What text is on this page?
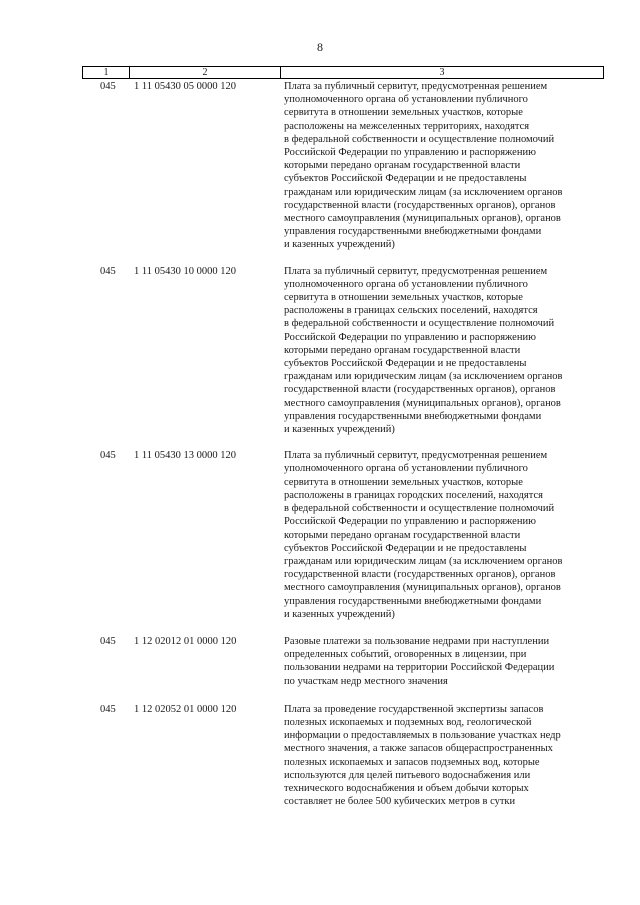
8
1	2	3
045	1 11 05430 05 0000 120	Плата за публичный сервитут, предусмотренная решением
уполномоченного органа об установлении публичного
сервитута в отношении земельных участков, которые
расположены на межселенных территориях, находятся
в федеральной собственности и осуществление полномочий
Российской Федерации по управлению и распоряжению
которыми передано органам государственной власти
субъектов Российской Федерации и не предоставлены
гражданам или юридическим лицам (за исключением органов
государственной власти (государственных органов), органов
местного самоуправления (муниципальных органов), органов
управления государственными внебюджетными фондами
и казенных учреждений)
045	1 11 05430 10 0000 120	Плата за публичный сервитут, предусмотренная решением
уполномоченного органа об установлении публичного
сервитута в отношении земельных участков, которые
расположены в границах сельских поселений, находятся
в федеральной собственности и осуществление полномочий
Российской Федерации по управлению и распоряжению
которыми передано органам государственной власти
субъектов Российской Федерации и не предоставлены
гражданам или юридическим лицам (за исключением органов
государственной власти (государственных органов), органов
местного самоуправления (муниципальных органов), органов
управления государственными внебюджетными фондами
и казенных учреждений)
045	1 11 05430 13 0000 120	Плата за публичный сервитут, предусмотренная решением
уполномоченного органа об установлении публичного
сервитута в отношении земельных участков, которые
расположены в границах городских поселений, находятся
в федеральной собственности и осуществление полномочий
Российской Федерации по управлению и распоряжению
которыми передано органам государственной власти
субъектов Российской Федерации и не предоставлены
гражданам или юридическим лицам (за исключением органов
государственной власти (государственных органов), органов
местного самоуправления (муниципальных органов), органов
управления государственными внебюджетными фондами
и казенных учреждений)
045	1 12 02012 01 0000 120	Разовые платежи за пользование недрами при наступлении
определенных событий, оговоренных в лицензии, при
пользовании недрами на территории Российской Федерации
по участкам недр местного значения
045	1 12 02052 01 0000 120	Плата за проведение государственной экспертизы запасов
полезных ископаемых и подземных вод, геологической
информации о предоставляемых в пользование участках недр
местного значения, а также запасов общераспространенных
полезных ископаемых и запасов подземных вод, которые
используются для целей питьевого водоснабжения или
технического водоснабжения и объем добычи которых
составляет не более 500 кубических метров в сутки
